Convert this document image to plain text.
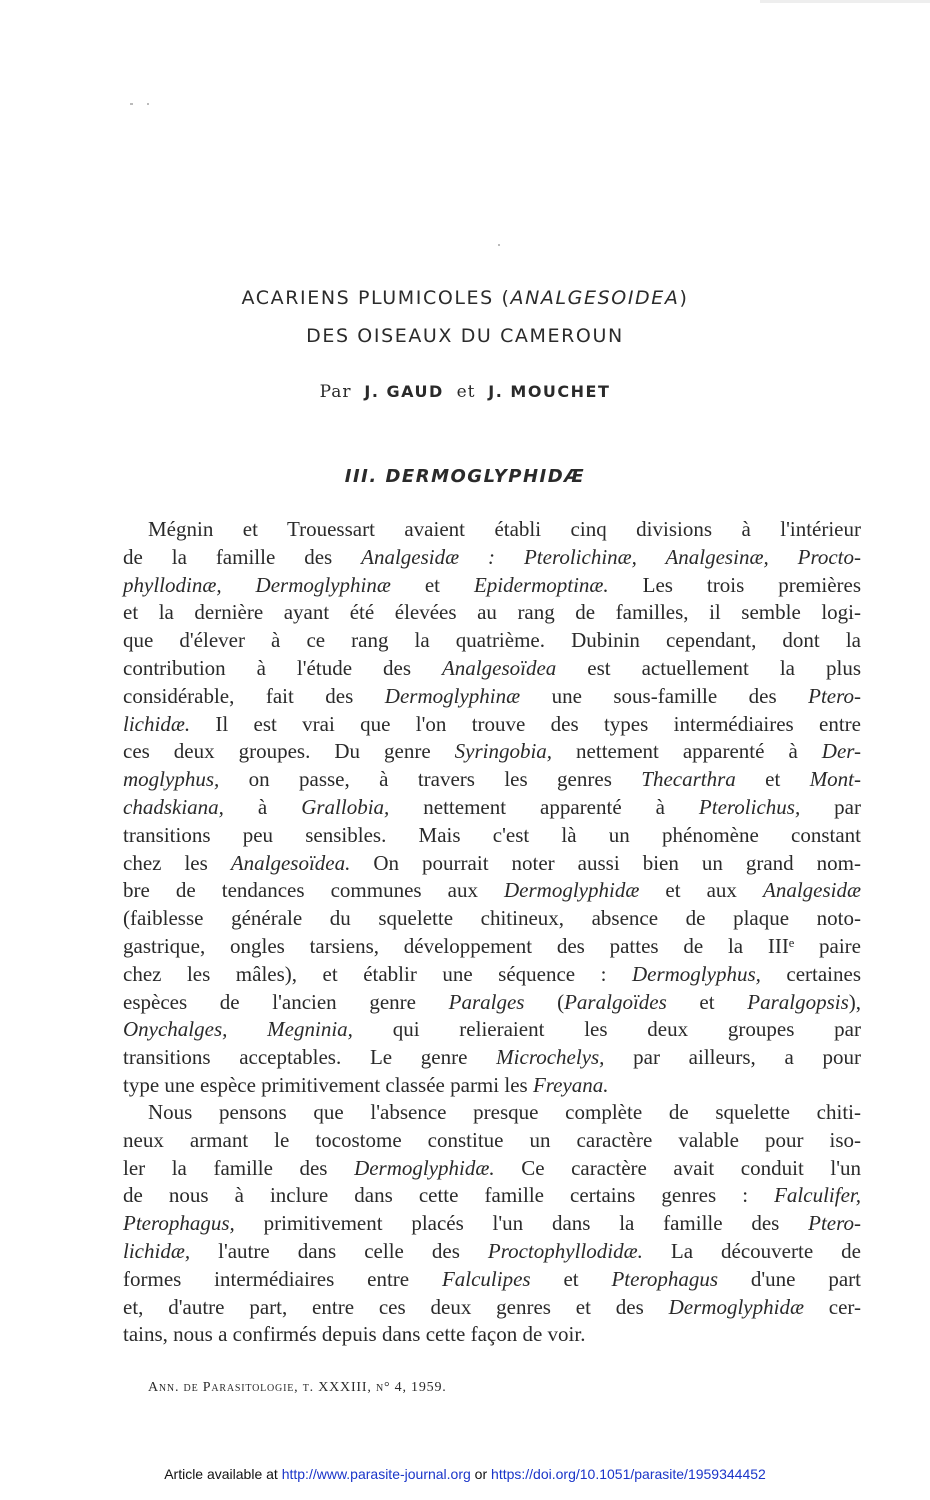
ACARIENS PLUMICOLES (ANALGESOIDEA)
DES OISEAUX DU CAMEROUN
Par J. GAUD et J. MOUCHET
III. DERMOGLYPHIDÆ
Mégnin et Trouessart avaient établi cinq divisions à l'intérieur
de la famille des Analgesidæ : Pterolichinæ, Analgesinæ, Procto-
phyllodinæ, Dermoglyphinæ et Epidermoptinæ. Les trois premières
et la dernière ayant été élevées au rang de familles, il semble logi-
que d'élever à ce rang la quatrième. Dubinin cependant, dont la
contribution à l'étude des Analgesoïdea est actuellement la plus
considérable, fait des Dermoglyphinæ une sous-famille des Ptero-
lichidæ. Il est vrai que l'on trouve des types intermédiaires entre
ces deux groupes. Du genre Syringobia, nettement apparenté à Der-
moglyphus, on passe, à travers les genres Thecarthra et Mont-
chadskiana, à Grallobia, nettement apparenté à Pterolichus, par
transitions peu sensibles. Mais c'est là un phénomène constant
chez les Analgesoïdea. On pourrait noter aussi bien un grand nom-
bre de tendances communes aux Dermoglyphidæ et aux Analgesidæ
(faiblesse générale du squelette chitineux, absence de plaque noto-
gastrique, ongles tarsiens, développement des pattes de la IIIᵉ paire
chez les mâles), et établir une séquence : Dermoglyphus, certaines
espèces de l'ancien genre Paralges (Paralgoïdes et Paralgopsis),
Onychalges, Megninia, qui relieraient les deux groupes par
transitions acceptables. Le genre Microchelys, par ailleurs, a pour
type une espèce primitivement classée parmi les Freyana.
Nous pensons que l'absence presque complète de squelette chiti-
neux armant le tocostome constitue un caractère valable pour iso-
ler la famille des Dermoglyphidæ. Ce caractère avait conduit l'un
de nous à inclure dans cette famille certains genres : Falculifer,
Pterophagus, primitivement placés l'un dans la famille des Ptero-
lichidæ, l'autre dans celle des Proctophyllodidæ. La découverte de
formes intermédiaires entre Falculipes et Pterophagus d'une part
et, d'autre part, entre ces deux genres et des Dermoglyphidæ cer-
tains, nous a confirmés depuis dans cette façon de voir.
Ann. de Parasitologie, t. XXXIII, n° 4, 1959.
Article available at http://www.parasite-journal.org or https://doi.org/10.1051/parasite/1959344452
